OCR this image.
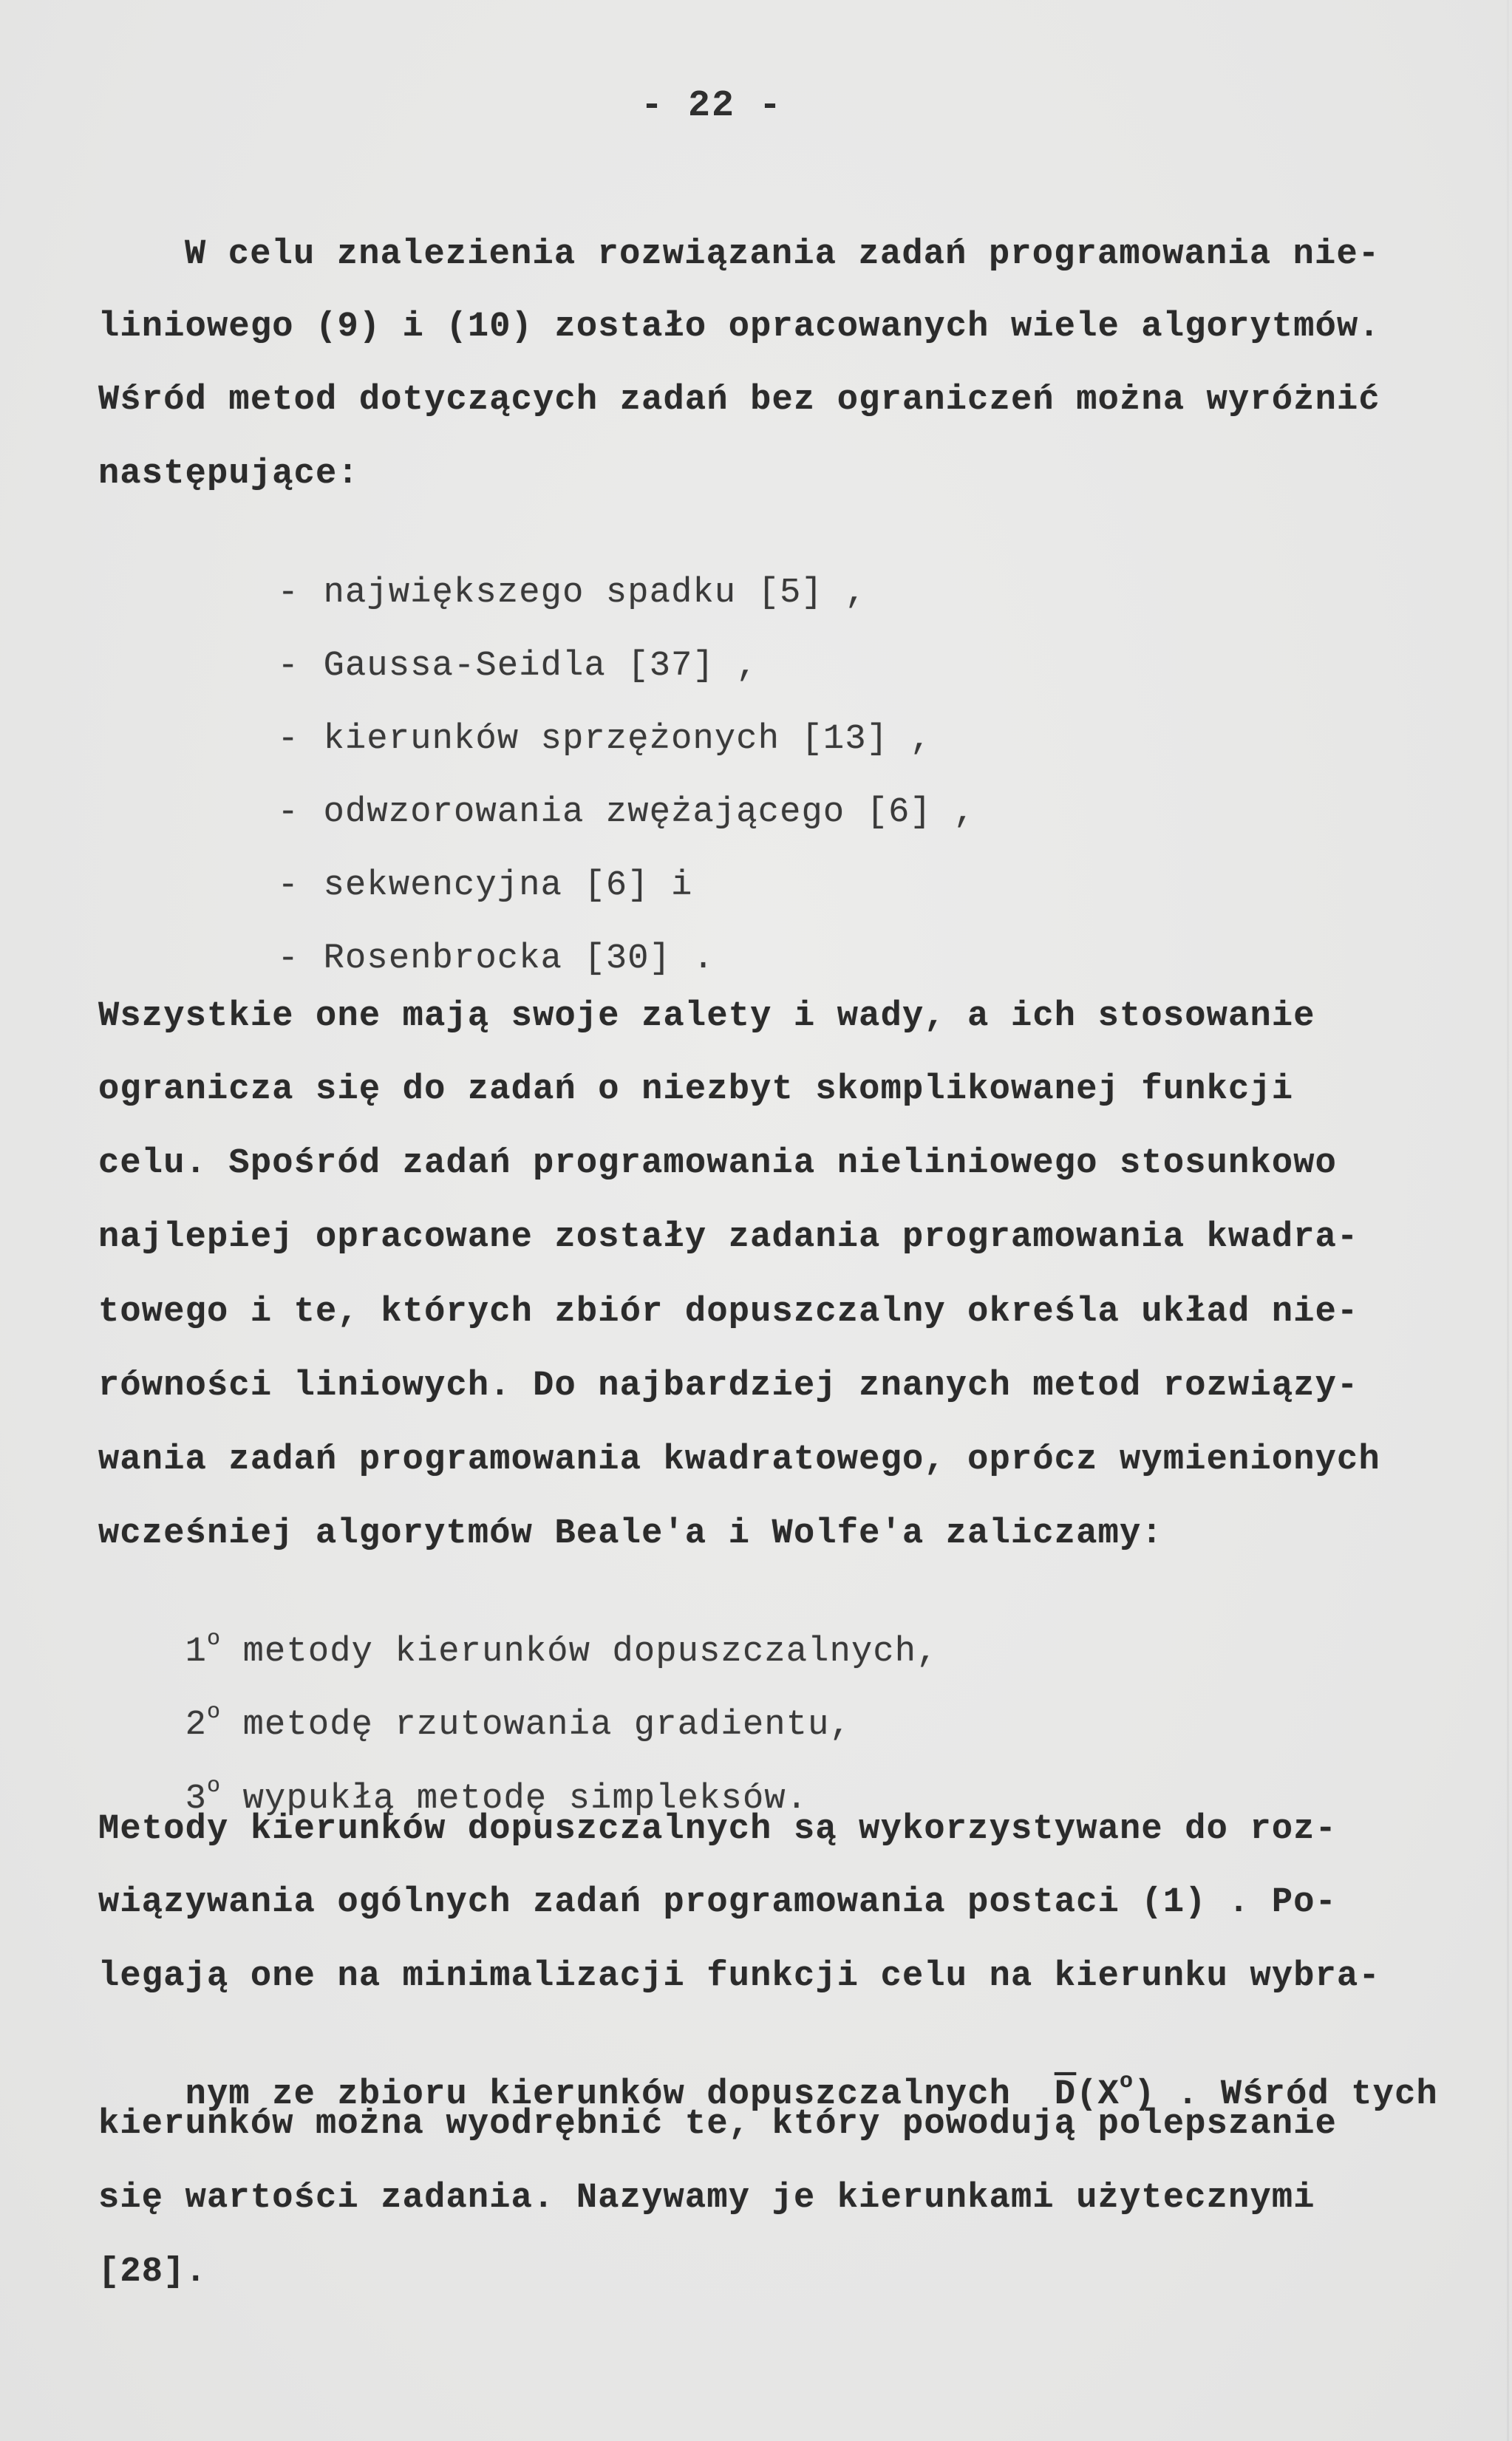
- 22 -
W celu znalezienia rozwiązania zadań programowania nie-
liniowego (9) i (10) zostało opracowanych wiele algorytmów.
Wśród metod dotyczących zadań bez ograniczeń można wyróżnić
następujące:

- największego spadku [5] ,

- Gaussa-Seidla [37] ,

- kierunków sprzężonych [13] ,

- odwzorowania zwężającego [6] ,

- sekwencyjna [6] i

- Rosenbrocka [30] .

Wszystkie one mają swoje zalety i wady, a ich stosowanie
ogranicza się do zadań o niezbyt skomplikowanej funkcji
celu. Spośród zadań programowania nieliniowego stosunkowo
najlepiej opracowane zostały zadania programowania kwadra-
towego i te, których zbiór dopuszczalny określa układ nie-
równości liniowych. Do najbardziej znanych metod rozwiązy-
wania zadań programowania kwadratowego, oprócz wymienionych
wcześniej algorytmów Beale'a i Wolfe'a zaliczamy:

1$^o$ metody kierunków dopuszczalnych,

2$^o$ metodę rzutowania gradientu,

3$^o$ wypukłą metodę simpleksów.

Metody kierunków dopuszczalnych są wykorzystywane do roz-
wiązywania ogólnych zadań programowania postaci (1) . Po-
legają one na minimalizacji funkcji celu na kierunku wybra-

nym ze zbioru kierunków dopuszczalnych  $\overline{D}(X^o)$ . Wśród tych

kierunków można wyodrębnić te, który powodują polepszanie
się wartości zadania. Nazywamy je kierunkami użytecznymi
[28].
